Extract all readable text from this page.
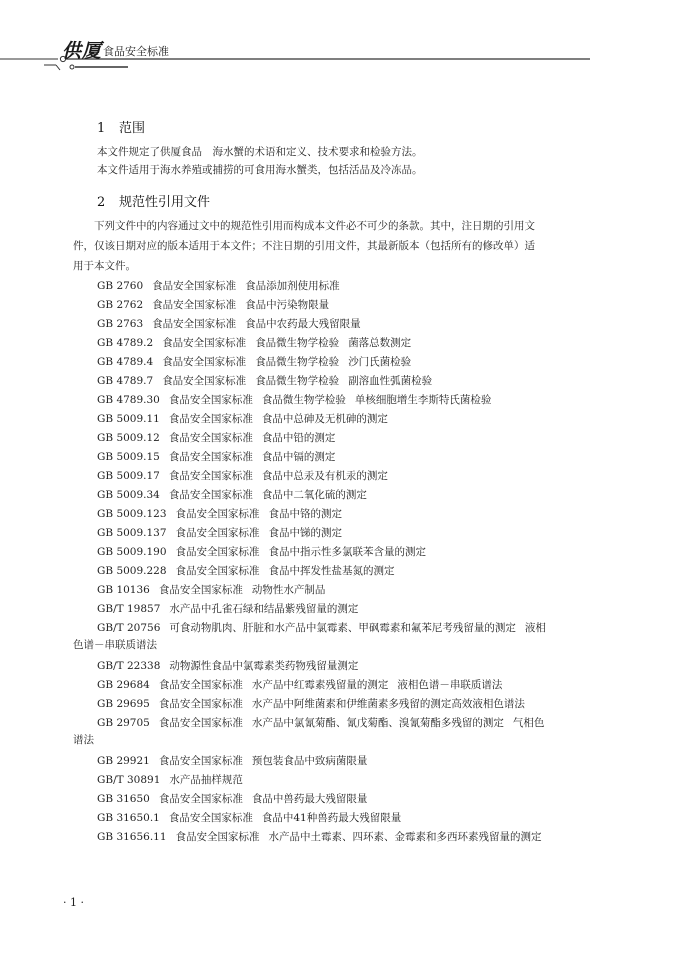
供厦 食品安全标准
1 范围
本文件规定了供厦食品　海水蟹的术语和定义、技术要求和检验方法。
本文件适用于海水养殖或捕捞的可食用海水蟹类，包括活品及冷冻品。
2 规范性引用文件
　　下列文件中的内容通过文中的规范性引用而构成本文件必不可少的条款。其中，注日期的引用文
件，仅该日期对应的版本适用于本文件；不注日期的引用文件，其最新版本（包括所有的修改单）适
用于本文件。
GB 2760 食品安全国家标准 食品添加剂使用标准
GB 2762 食品安全国家标准 食品中污染物限量
GB 2763 食品安全国家标准 食品中农药最大残留限量
GB 4789.2 食品安全国家标准 食品微生物学检验 菌落总数测定
GB 4789.4 食品安全国家标准 食品微生物学检验 沙门氏菌检验
GB 4789.7 食品安全国家标准 食品微生物学检验 副溶血性弧菌检验
GB 4789.30 食品安全国家标准 食品微生物学检验 单核细胞增生李斯特氏菌检验
GB 5009.11 食品安全国家标准 食品中总砷及无机砷的测定
GB 5009.12 食品安全国家标准 食品中铅的测定
GB 5009.15 食品安全国家标准 食品中镉的测定
GB 5009.17 食品安全国家标准 食品中总汞及有机汞的测定
GB 5009.34 食品安全国家标准 食品中二氧化硫的测定
GB 5009.123 食品安全国家标准 食品中铬的测定
GB 5009.137 食品安全国家标准 食品中锑的测定
GB 5009.190 食品安全国家标准 食品中指示性多氯联苯含量的测定
GB 5009.228 食品安全国家标准 食品中挥发性盐基氮的测定
GB 10136 食品安全国家标准 动物性水产制品
GB/T 19857 水产品中孔雀石绿和结晶紫残留量的测定
GB/T 20756 可食动物肌肉、肝脏和水产品中氯霉素、甲砜霉素和氟苯尼考残留量的测定 液相
色谱－串联质谱法
GB/T 22338 动物源性食品中氯霉素类药物残留量测定
GB 29684 食品安全国家标准 水产品中红霉素残留量的测定 液相色谱－串联质谱法
GB 29695 食品安全国家标准 水产品中阿维菌素和伊维菌素多残留的测定高效液相色谱法
GB 29705 食品安全国家标准 水产品中氯氰菊酯、氰戊菊酯、溴氰菊酯多残留的测定 气相色
谱法
GB 29921 食品安全国家标准 预包装食品中致病菌限量
GB/T 30891 水产品抽样规范
GB 31650 食品安全国家标准 食品中兽药最大残留限量
GB 31650.1 食品安全国家标准 食品中41种兽药最大残留限量
GB 31656.11 食品安全国家标准 水产品中土霉素、四环素、金霉素和多西环素残留量的测定
· 1 ·
